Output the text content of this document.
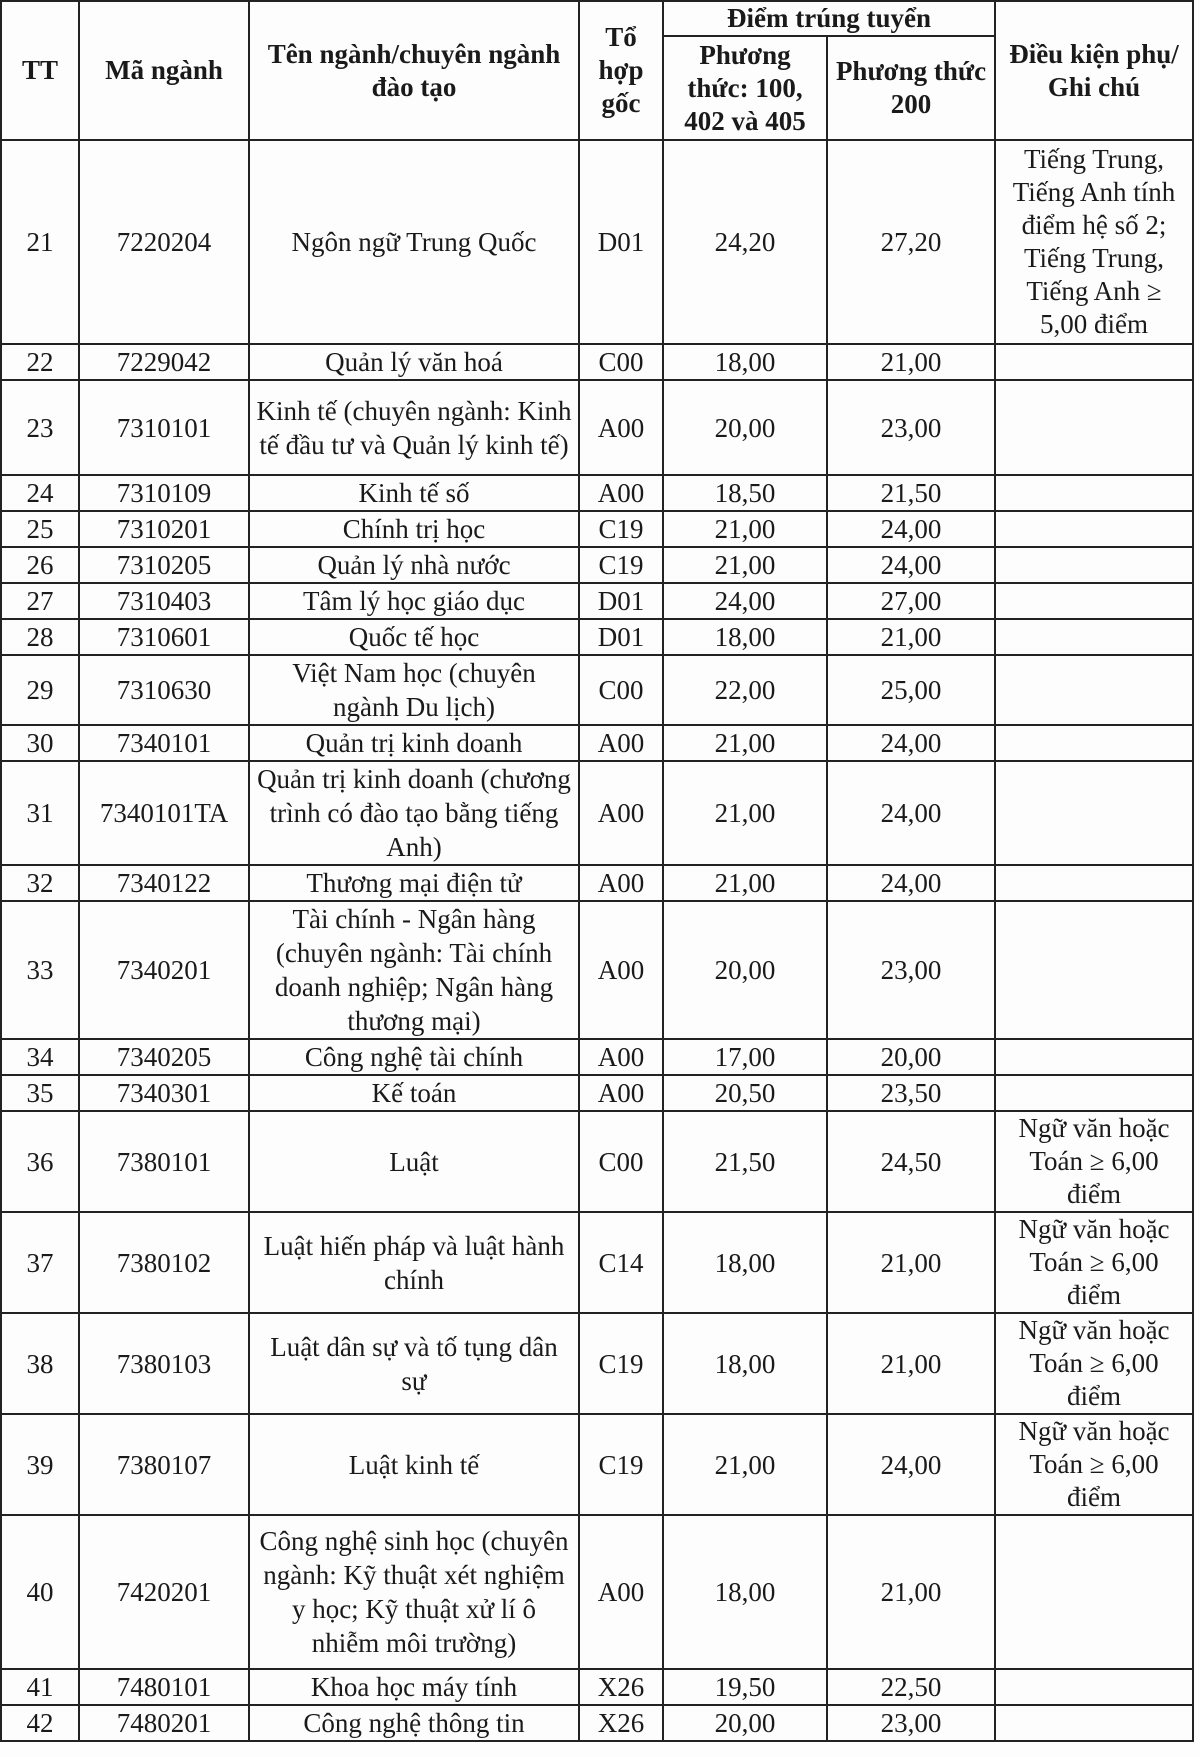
TT	Mã ngành	Tên ngành/chuyên ngành đào tạo	Tổ hợp gốc	Điểm trúng tuyển		Điều kiện phụ/ Ghi chú
				Phương thức: 100, 402 và 405	Phương thức 200	
21	7220204	Ngôn ngữ Trung Quốc	D01	24,20	27,20	Tiếng Trung, Tiếng Anh tính điểm hệ số 2; Tiếng Trung, Tiếng Anh ≥ 5,00 điểm
22	7229042	Quản lý văn hoá	C00	18,00	21,00	
23	7310101	Kinh tế (chuyên ngành: Kinh tế đầu tư và Quản lý kinh tế)	A00	20,00	23,00	
24	7310109	Kinh tế số	A00	18,50	21,50	
25	7310201	Chính trị học	C19	21,00	24,00	
26	7310205	Quản lý nhà nước	C19	21,00	24,00	
27	7310403	Tâm lý học giáo dục	D01	24,00	27,00	
28	7310601	Quốc tế học	D01	18,00	21,00	
29	7310630	Việt Nam học (chuyên ngành Du lịch)	C00	22,00	25,00	
30	7340101	Quản trị kinh doanh	A00	21,00	24,00	
31	7340101TA	Quản trị kinh doanh (chương trình có đào tạo bằng tiếng Anh)	A00	21,00	24,00	
32	7340122	Thương mại điện tử	A00	21,00	24,00	
33	7340201	Tài chính - Ngân hàng (chuyên ngành: Tài chính doanh nghiệp; Ngân hàng thương mại)	A00	20,00	23,00	
34	7340205	Công nghệ tài chính	A00	17,00	20,00	
35	7340301	Kế toán	A00	20,50	23,50	
36	7380101	Luật	C00	21,50	24,50	Ngữ văn hoặc Toán ≥ 6,00 điểm
37	7380102	Luật hiến pháp và luật hành chính	C14	18,00	21,00	Ngữ văn hoặc Toán ≥ 6,00 điểm
38	7380103	Luật dân sự và tố tụng dân sự	C19	18,00	21,00	Ngữ văn hoặc Toán ≥ 6,00 điểm
39	7380107	Luật kinh tế	C19	21,00	24,00	Ngữ văn hoặc Toán ≥ 6,00 điểm
40	7420201	Công nghệ sinh học (chuyên ngành: Kỹ thuật xét nghiệm y học; Kỹ thuật xử lí ô nhiễm môi trường)	A00	18,00	21,00	
41	7480101	Khoa học máy tính	X26	19,50	22,50	
42	7480201	Công nghệ thông tin	X26	20,00	23,00	
